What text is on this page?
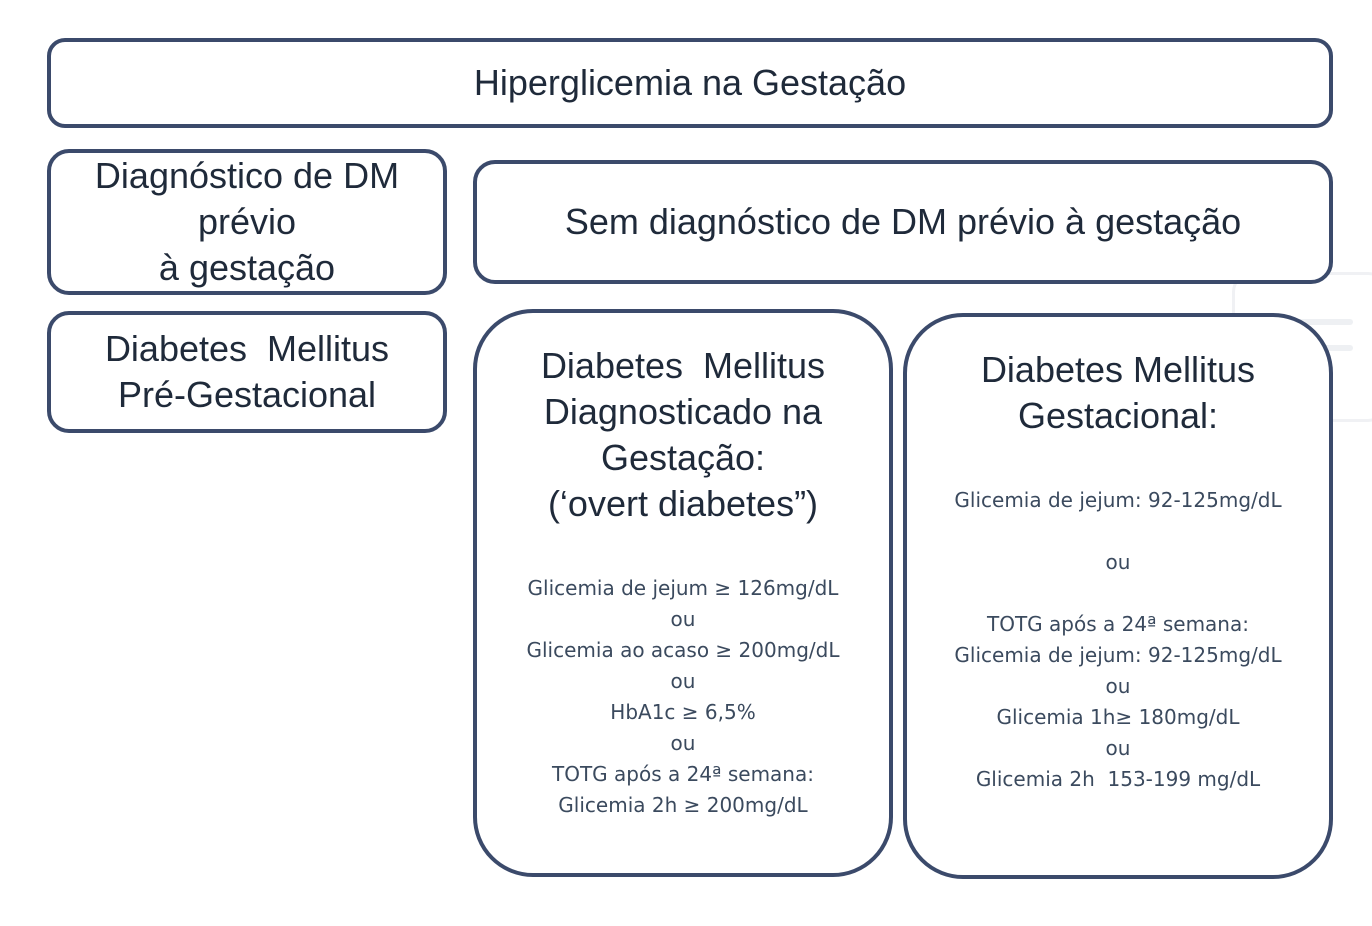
Hiperglicemia na Gestação
Diagnóstico de DM
prévio
à gestação
Sem diagnóstico de DM prévio à gestação
Diabetes  Mellitus
Pré-Gestacional
Diabetes  Mellitus
Diagnosticado na
Gestação:
(‘overt diabetes”)
Glicemia de jejum ≥ 126mg/dL
ou
Glicemia ao acaso ≥ 200mg/dL
ou
HbA1c ≥ 6,5%
ou
TOTG após a 24ª semana:
Glicemia 2h ≥ 200mg/dL
Diabetes Mellitus
Gestacional:
Glicemia de jejum: 92-125mg/dL
ou
TOTG após a 24ª semana:
Glicemia de jejum: 92-125mg/dL
ou
Glicemia 1h≥ 180mg/dL
ou
Glicemia 2h  153-199 mg/dL
